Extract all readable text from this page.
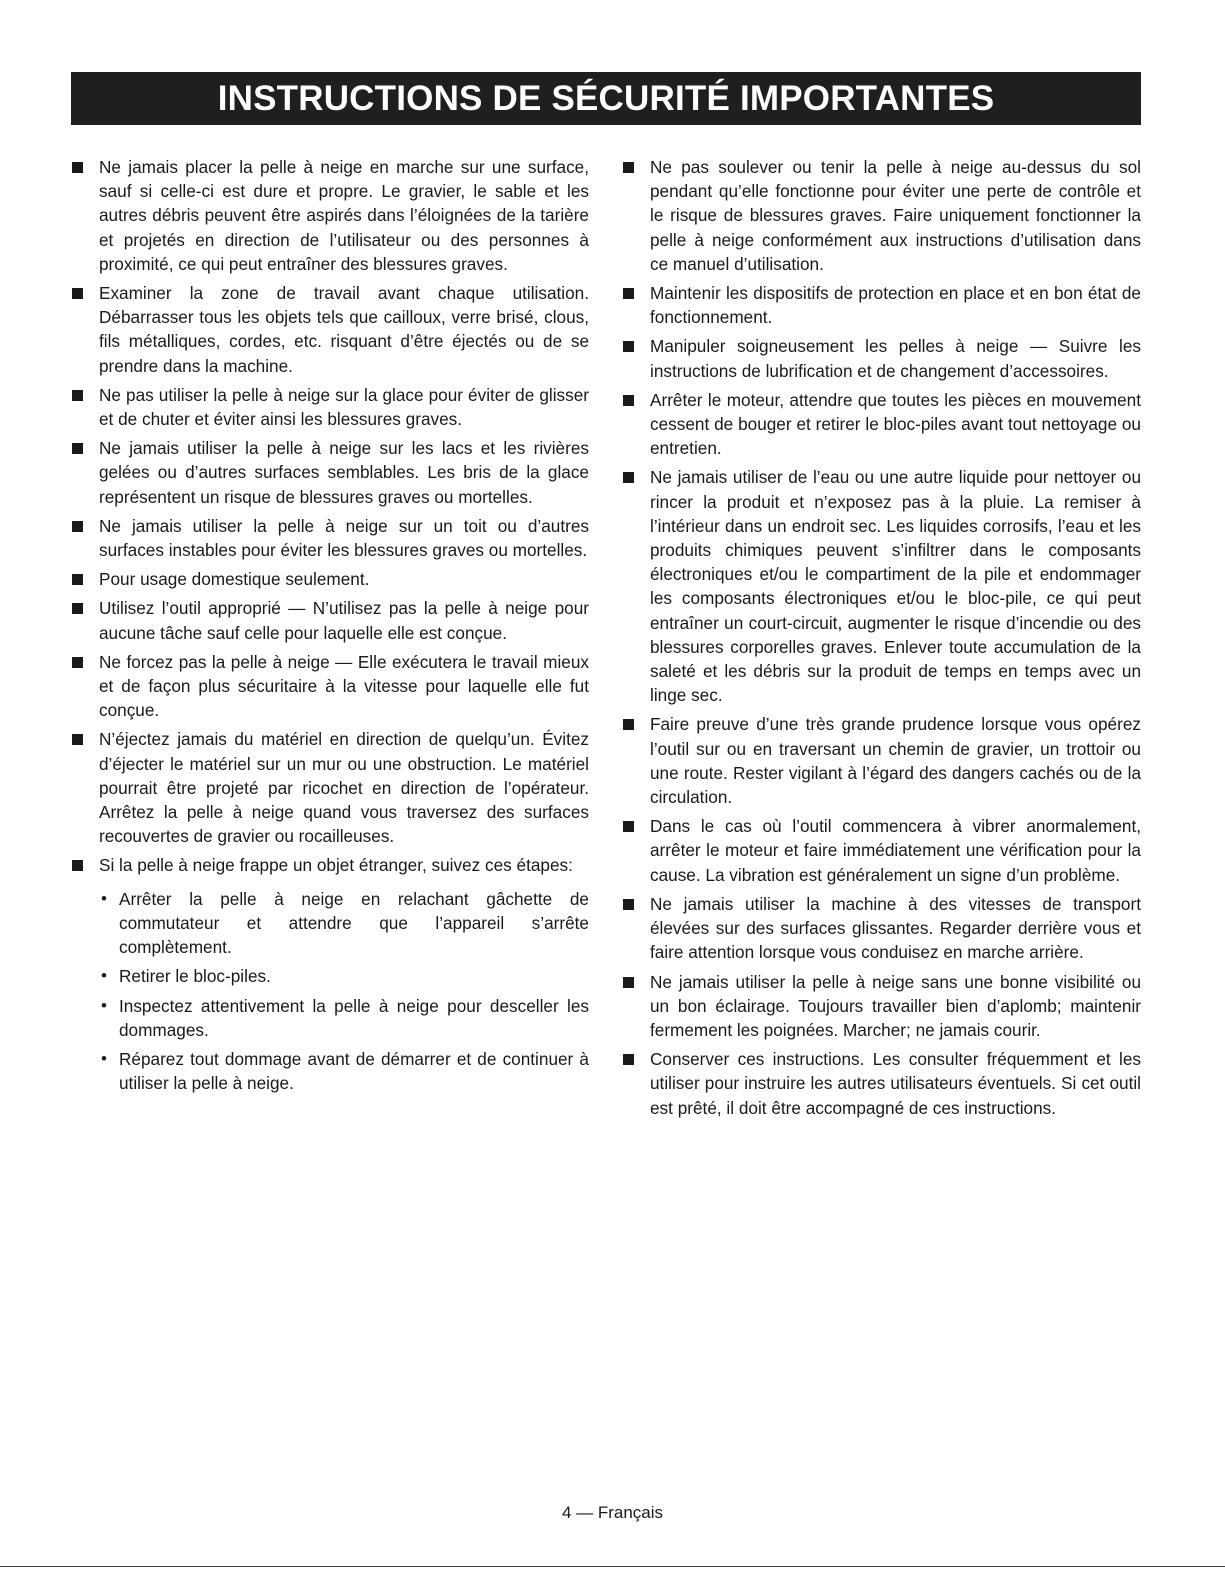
INSTRUCTIONS DE SÉCURITÉ IMPORTANTES
Ne jamais placer la pelle à neige en marche sur une surface, sauf si celle-ci est dure et propre. Le gravier, le sable et les autres débris peuvent être aspirés dans l’éloignées de la tarière et projetés en direction de l’utilisateur ou des personnes à proximité, ce qui peut entraîner des blessures graves.
Examiner la zone de travail avant chaque utilisation. Débarrasser tous les objets tels que cailloux, verre brisé, clous, fils métalliques, cordes, etc. risquant d’être éjectés ou de se prendre dans la machine.
Ne pas utiliser la pelle à neige sur la glace pour éviter de glisser et de chuter et éviter ainsi les blessures graves.
Ne jamais utiliser la pelle à neige sur les lacs et les rivières gelées ou d’autres surfaces semblables. Les bris de la glace représentent un risque de blessures graves ou mortelles.
Ne jamais utiliser la pelle à neige sur un toit ou d’autres surfaces instables pour éviter les blessures graves ou mortelles.
Pour usage domestique seulement.
Utilisez l’outil approprié — N’utilisez pas la pelle à neige pour aucune tâche sauf celle pour laquelle elle est conçue.
Ne forcez pas la pelle à neige — Elle exécutera le travail mieux et de façon plus sécuritaire à la vitesse pour laquelle elle fut conçue.
N’éjectez jamais du matériel en direction de quelqu’un. Évitez d’éjecter le matériel sur un mur ou une obstruction. Le matériel pourrait être projeté par ricochet en direction de l’opérateur. Arrêtez la pelle à neige quand vous traversez des surfaces recouvertes de gravier ou rocailleuses.
Si la pelle à neige frappe un objet étranger, suivez ces étapes:
• Arrêter la pelle à neige en relachant gâchette de commutateur et attendre que l’appareil s’arrête complètement.
• Retirer le bloc-piles.
• Inspectez attentivement la pelle à neige pour desceller les dommages.
• Réparez tout dommage avant de démarrer et de continuer à utiliser la pelle à neige.
Ne pas soulever ou tenir la pelle à neige au-dessus du sol pendant qu’elle fonctionne pour éviter une perte de contrôle et le risque de blessures graves. Faire uniquement fonctionner la pelle à neige conformément aux instructions d’utilisation dans ce manuel d’utilisation.
Maintenir les dispositifs de protection en place et en bon état de fonctionnement.
Manipuler soigneusement les pelles à neige — Suivre les instructions de lubrification et de changement d’accessoires.
Arrêter le moteur, attendre que toutes les pièces en mouvement cessent de bouger et retirer le bloc-piles avant tout nettoyage ou entretien.
Ne jamais utiliser de l’eau ou une autre liquide pour nettoyer ou rincer la produit et n’exposez pas à la pluie. La remiser à l’intérieur dans un endroit sec. Les liquides corrosifs, l’eau et les produits chimiques peuvent s’infiltrer dans le composants électroniques et/ou le compartiment de la pile et endommager les composants électroniques et/ou le bloc-pile, ce qui peut entraîner un court-circuit, augmenter le risque d’incendie ou des blessures corporelles graves. Enlever toute accumulation de la saleté et les débris sur la produit de temps en temps avec un linge sec.
Faire preuve d’une très grande prudence lorsque vous opérez l’outil sur ou en traversant un chemin de gravier, un trottoir ou une route. Rester vigilant à l’égard des dangers cachés ou de la circulation.
Dans le cas où l’outil commencera à vibrer anormalement, arrêter le moteur et faire immédiatement une vérification pour la cause. La vibration est généralement un signe d’un problème.
Ne jamais utiliser la machine à des vitesses de transport élevées sur des surfaces glissantes. Regarder derrière vous et faire attention lorsque vous conduisez en marche arrière.
Ne jamais utiliser la pelle à neige sans une bonne visibilité ou un bon éclairage. Toujours travailler bien d’aplomb; maintenir fermement les poignées. Marcher; ne jamais courir.
Conserver ces instructions. Les consulter fréquemment et les utiliser pour instruire les autres utilisateurs éventuels. Si cet outil est prêté, il doit être accompagné de ces instructions.
4 — Français
